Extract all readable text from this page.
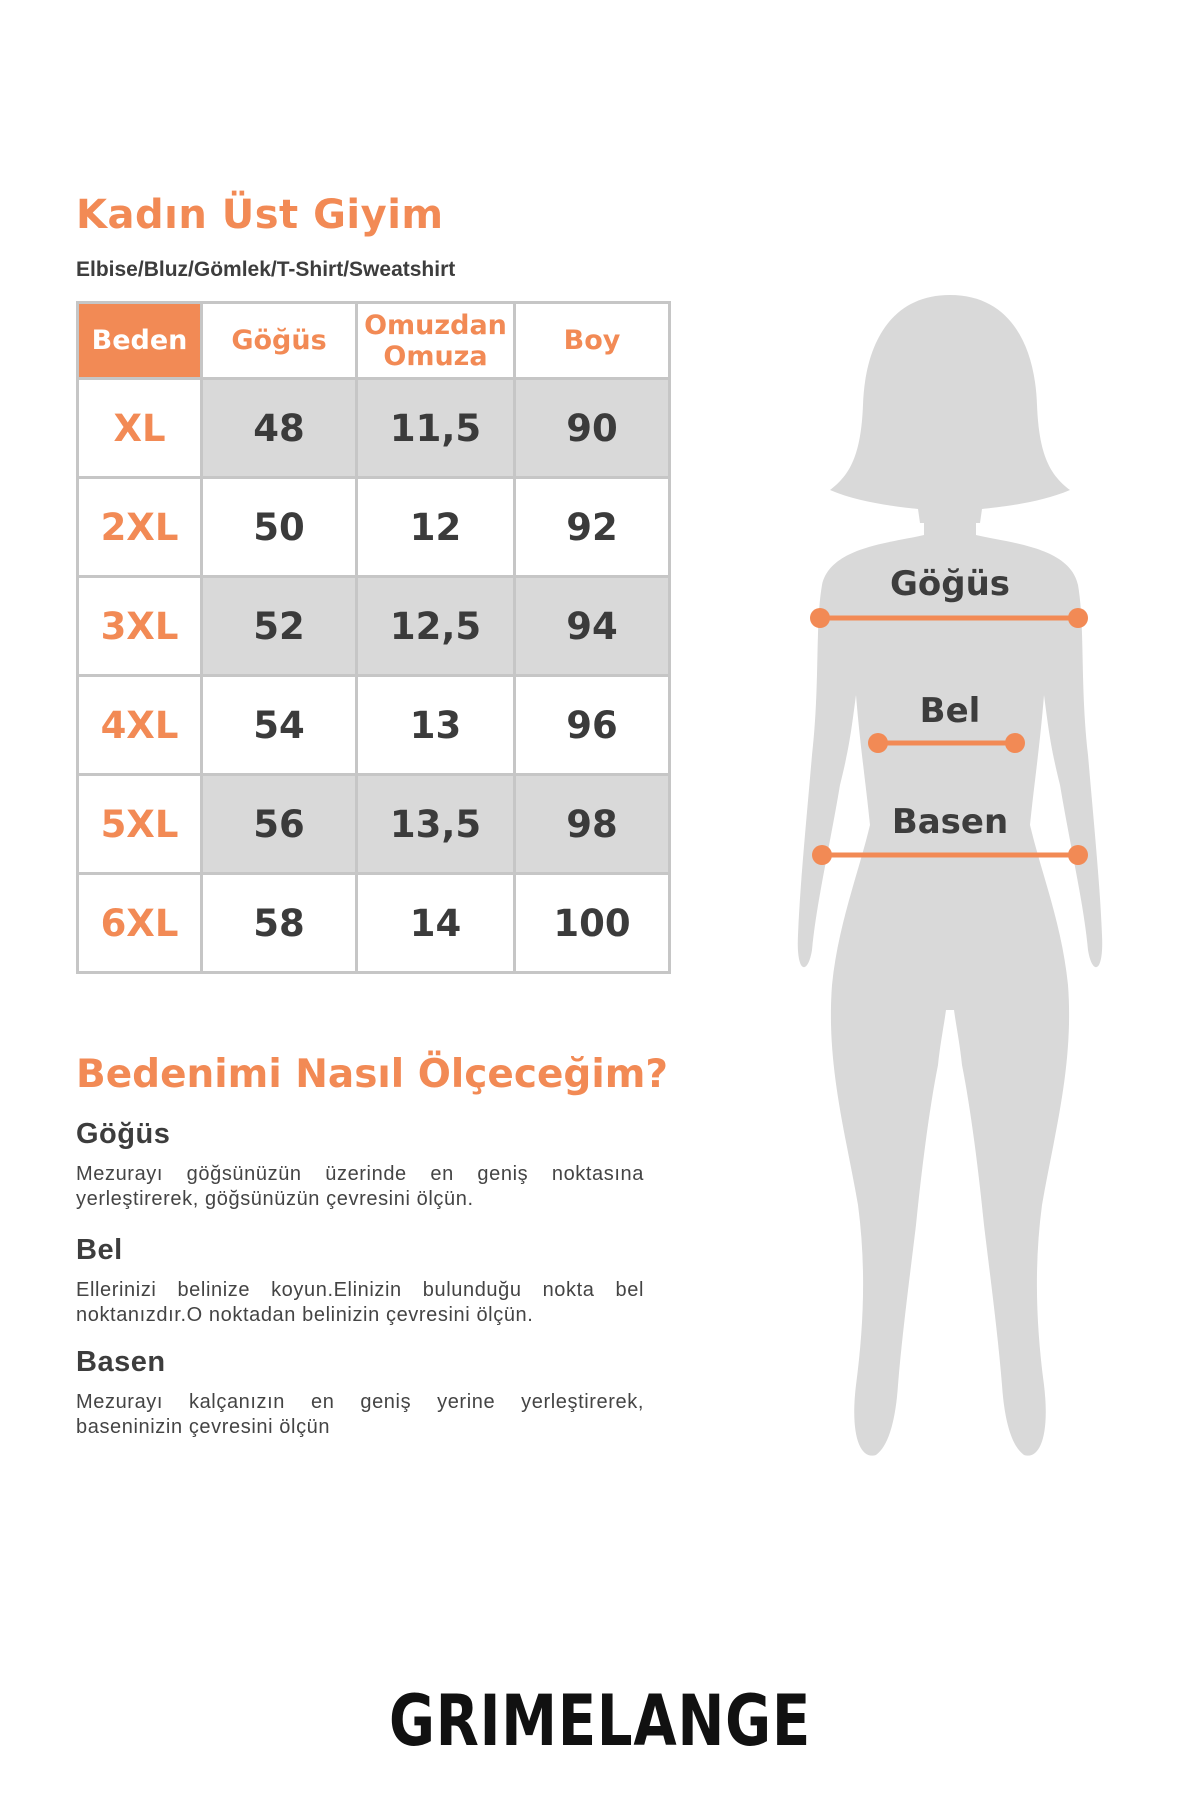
Kadın Üst Giyim
Elbise/Bluz/Gömlek/T-Shirt/Sweatshirt
Beden	Göğüs	Omuzdan Omuza	Boy
XL	48	11,5	90
2XL	50	12	92
3XL	52	12,5	94
4XL	54	13	96
5XL	56	13,5	98
6XL	58	14	100
Bedenimi Nasıl Ölçeceğim?
Göğüs

Mezurayı göğsünüzün üzerinde en geniş noktasına yerleştirerek, göğsünüzün çevresini ölçün.

Bel

Ellerinizi belinize koyun.Elinizin bulunduğu nokta bel noktanızdır.O noktadan belinizin çevresini ölçün.

Basen

Mezurayı kalçanızın en geniş yerine yerleştirerek, baseninizin çevresini ölçün

Göğüs
Bel
Basen
GRIMELANGE
